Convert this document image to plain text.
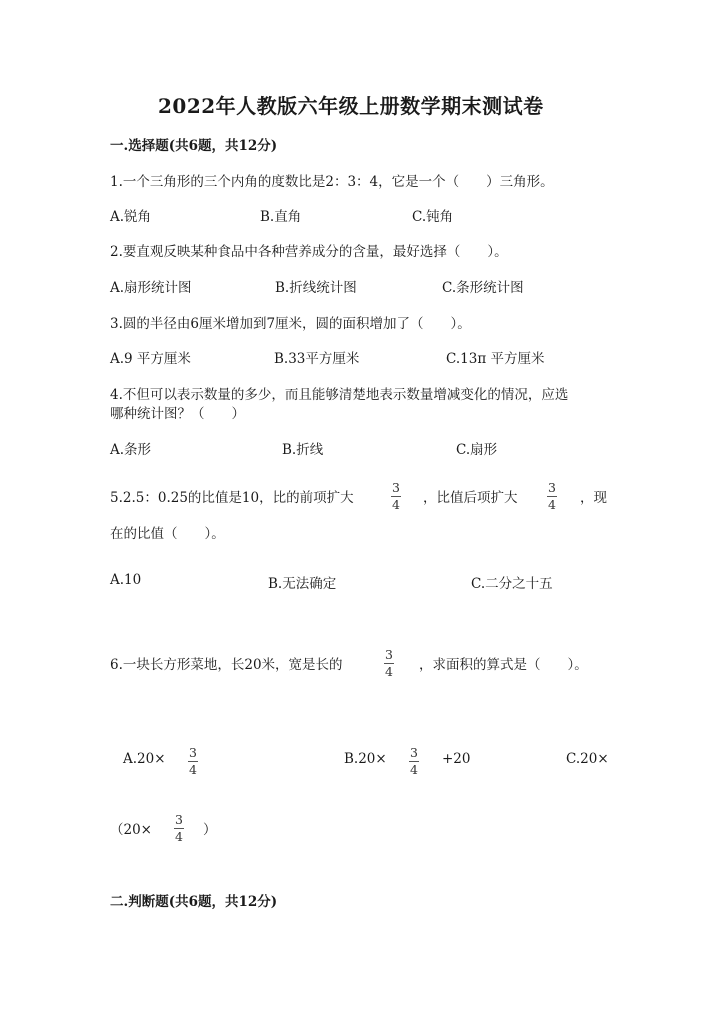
2022年人教版六年级上册数学期末测试卷
一.选择题(共6题，共12分)
1.一个三角形的三个内角的度数比是2：3：4，它是一个（　　）三角形。
A.锐角	B.直角	C.钝角
2.要直观反映某种食品中各种营养成分的含量，最好选择（　　）。
A.扇形统计图	B.折线统计图	C.条形统计图
3.圆的半径由6厘米增加到7厘米，圆的面积增加了（　　）。
A.9 平方厘米	B.33平方厘米	C.13π 平方厘米
4.不但可以表示数量的多少，而且能够清楚地表示数量增减变化的情况，应选
哪种统计图？（　　）
A.条形	B.折线	C.扇形
5.2.5：0.25的比值是10，比的前项扩大
3
4 ，比值后项扩大
3
4 ，现
在的比值（　　）。
A.10	B.无法确定	C.二分之十五
6.一块长方形菜地，长20米，宽是长的
3
4 ，求面积的算式是（　　）。
A.20× 3
4
B.20× 3
4
+20	C.20×
（20×
3
4 ）
二.判断题(共6题，共12分)
